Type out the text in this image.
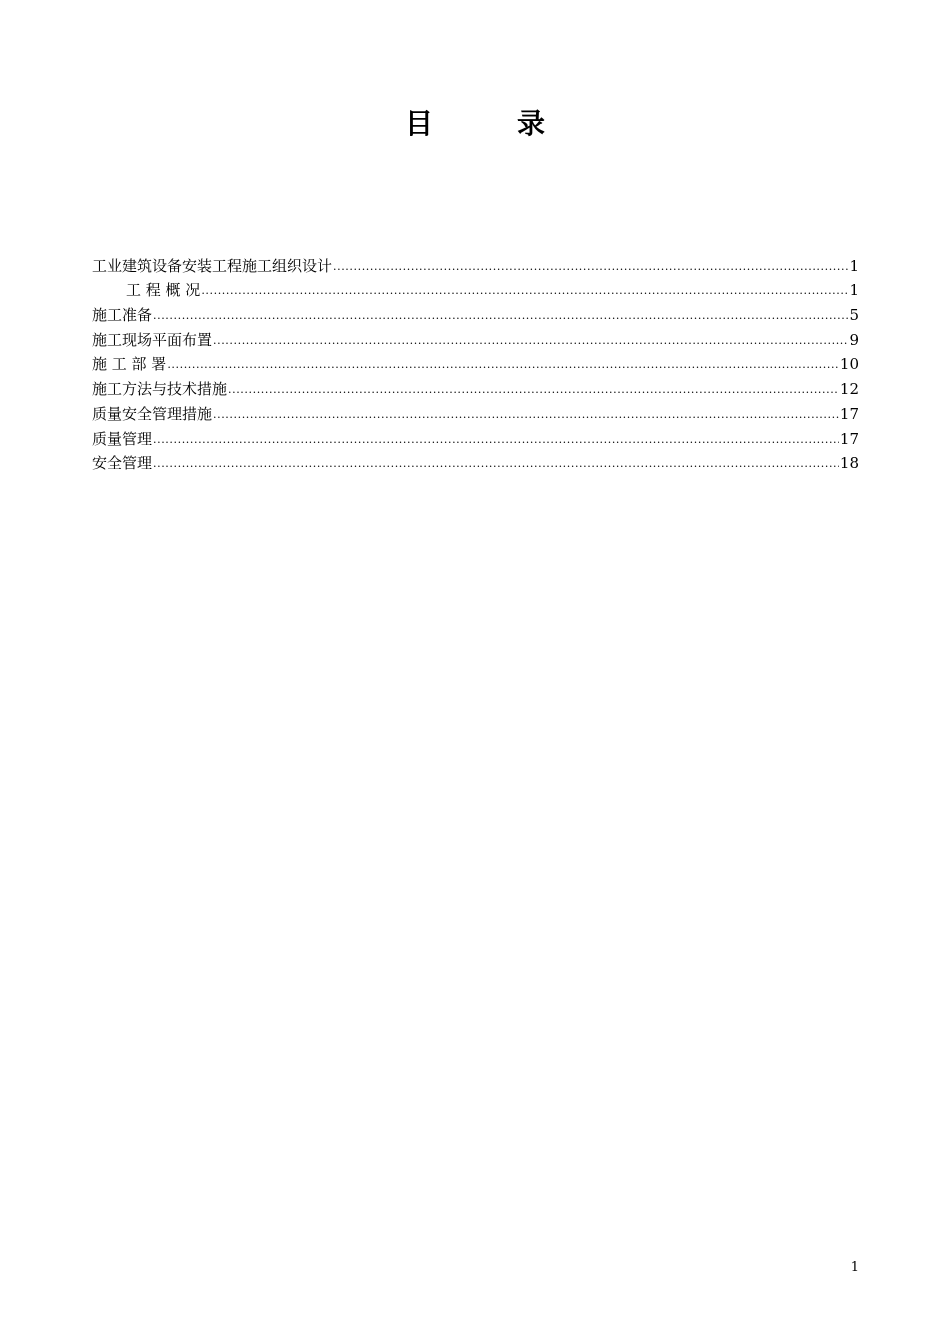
目　　　录
工业建筑设备安装工程施工组织设计 .....	1
工 程 概 况 .....	1
施工准备 .....	5
施工现场平面布置 .....	9
施 工 部 署 .....	10
施工方法与技术措施 .....	12
质量安全管理措施 .....	17
质量管理 .....	17
安全管理 .....	18
1
